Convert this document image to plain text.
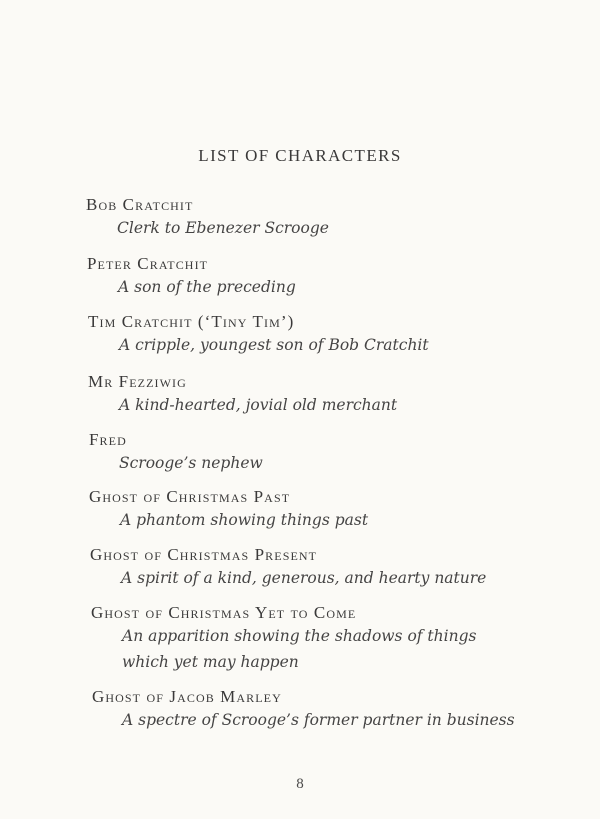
LIST OF CHARACTERS
Bob Cratchit
Clerk to Ebenezer Scrooge
Peter Cratchit
A son of the preceding
Tim Cratchit (‘Tiny Tim’)
A cripple, youngest son of Bob Cratchit
Mr Fezziwig
A kind-hearted, jovial old merchant
Fred
Scrooge’s nephew
Ghost of Christmas Past
A phantom showing things past
Ghost of Christmas Present
A spirit of a kind, generous, and hearty nature
Ghost of Christmas Yet to Come
An apparition showing the shadows of things
which yet may happen
Ghost of Jacob Marley
A spectre of Scrooge’s former partner in business
8
